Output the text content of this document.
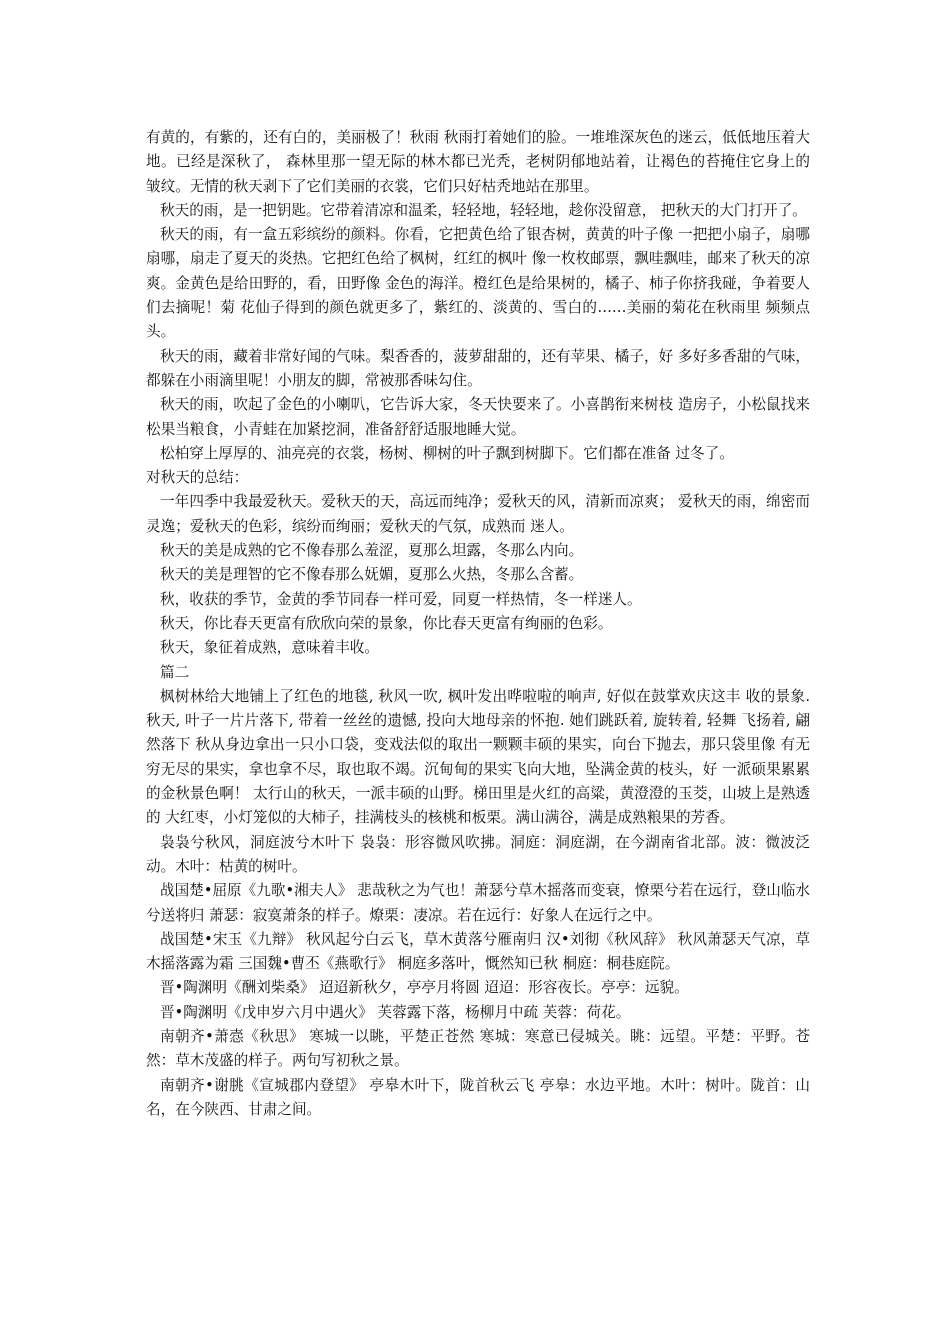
有黄的，有紫的，还有白的，美丽极了！秋雨 秋雨打着她们的脸。一堆堆深灰色的迷云，低低地压着大地。已经是深秋了， 森林里那一望无际的林木都已光秃，老树阴郁地站着，让褐色的苔掩住它身上的 皱纹。无情的秋天剥下了它们美丽的衣裳，它们只好枯秃地站在那里。

秋天的雨，是一把钥匙。它带着清凉和温柔，轻轻地，轻轻地，趁你没留意， 把秋天的大门打开了。

秋天的雨，有一盒五彩缤纷的颜料。你看，它把黄色给了银杏树，黄黄的叶子像 一把把小扇子，扇哪扇哪，扇走了夏天的炎热。它把红色给了枫树，红红的枫叶 像一枚枚邮票，飘哇飘哇，邮来了秋天的凉爽。金黄色是给田野的，看，田野像 金色的海洋。橙红色是给果树的，橘子、柿子你挤我碰，争着要人们去摘呢！菊 花仙子得到的颜色就更多了，紫红的、淡黄的、雪白的……美丽的菊花在秋雨里 频频点头。

秋天的雨，藏着非常好闻的气味。梨香香的，菠萝甜甜的，还有苹果、橘子，好 多好多香甜的气味，都躲在小雨滴里呢！小朋友的脚，常被那香味勾住。

秋天的雨，吹起了金色的小喇叭，它告诉大家，冬天快要来了。小喜鹊衔来树枝 造房子，小松鼠找来松果当粮食，小青蛙在加紧挖洞，准备舒舒适服地睡大觉。

松柏穿上厚厚的、油亮亮的衣裳，杨树、柳树的叶子飘到树脚下。它们都在准备 过冬了。

对秋天的总结：

一年四季中我最爱秋天。爱秋天的天，高远而纯净；爱秋天的风，清新而凉爽； 爱秋天的雨，绵密而灵逸；爱秋天的色彩，缤纷而绚丽；爱秋天的气氛，成熟而 迷人。

秋天的美是成熟的它不像春那么羞涩，夏那么坦露，冬那么内向。

秋天的美是理智的它不像春那么妩媚，夏那么火热，冬那么含蓄。

秋，收获的季节，金黄的季节同春一样可爱，同夏一样热情，冬一样迷人。

秋天，你比春天更富有欣欣向荣的景象，你比春天更富有绚丽的色彩。

秋天，象征着成熟，意味着丰收。

篇二

枫树林给大地铺上了红色的地毯, 秋风一吹, 枫叶发出哗啦啦的响声, 好似在鼓掌欢庆这丰 收的景象. 秋天, 叶子一片片落下, 带着一丝丝的遗憾, 投向大地母亲的怀抱. 她们跳跃着, 旋转着, 轻舞 飞扬着, 翩然落下 秋从身边拿出一只小口袋，变戏法似的取出一颗颗丰硕的果实，向台下抛去，那只袋里像 有无穷无尽的果实，拿也拿不尽，取也取不竭。沉甸甸的果实飞向大地，坠满金黄的枝头，好 一派硕果累累的金秋景色啊！ 太行山的秋天，一派丰硕的山野。梯田里是火红的高粱，黄澄澄的玉茭，山坡上是熟透的 大红枣，小灯笼似的大柿子，挂满枝头的核桃和板栗。满山满谷，满是成熟粮果的芳香。

袅袅兮秋风，洞庭波兮木叶下 袅袅：形容微风吹拂。洞庭：洞庭湖，在今湖南省北部。波：微波泛动。木叶：枯黄的树叶。

战国楚•屈原《九歌•湘夫人》 悲哉秋之为气也！萧瑟兮草木摇落而变衰，憭栗兮若在远行，登山临水兮送将归 萧瑟：寂寞萧条的样子。燎栗：凄凉。若在远行：好象人在远行之中。

战国楚•宋玉《九辩》 秋风起兮白云飞，草木黄落兮雁南归 汉•刘彻《秋风辞》 秋风萧瑟天气凉，草木摇落露为霜 三国魏•曹丕《燕歌行》 桐庭多落叶，慨然知已秋 桐庭：桐巷庭院。

晋•陶渊明《酬刘柴桑》 迢迢新秋夕，亭亭月将圆 迢迢：形容夜长。亭亭：远貌。

晋•陶渊明《戊申岁六月中遇火》 芙蓉露下落，杨柳月中疏 芙蓉：荷花。

南朝齐•萧悫《秋思》 寒城一以眺，平楚正苍然 寒城：寒意已侵城关。眺：远望。平楚：平野。苍然：草木茂盛的样子。两句写初秋之景。

南朝齐•谢朓《宣城郡内登望》 亭皋木叶下，陇首秋云飞 亭皋：水边平地。木叶：树叶。陇首：山名，在今陕西、甘肃之间。
